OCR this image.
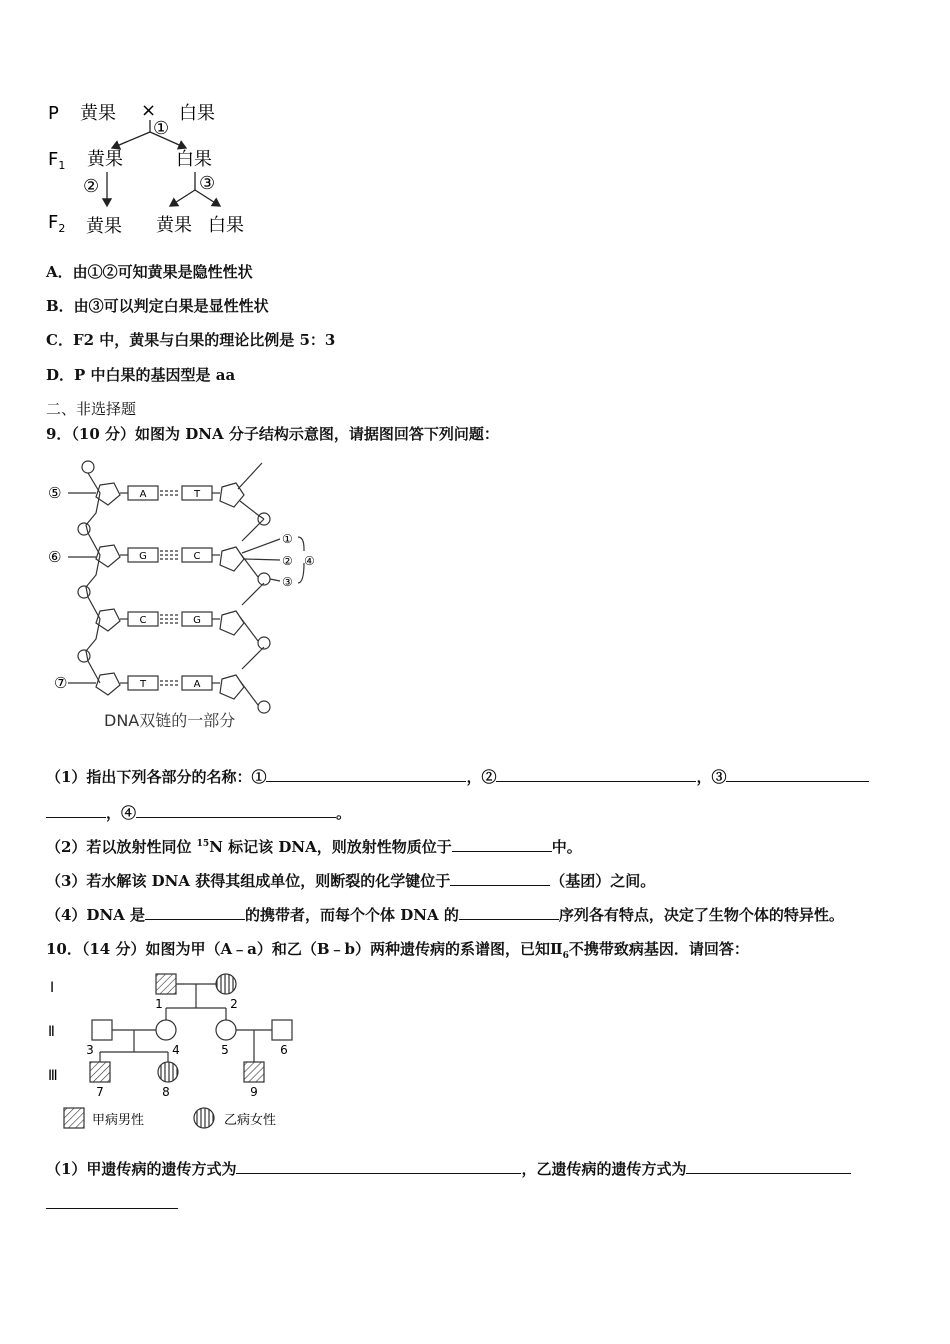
P 黄果 × 白果
①
$F_1$ 黄果	白果
②	③
$F_2$ 黄果 黄果 白果
A．由①②可知黄果是隐性性状
B．由③可以判定白果是显性性状
C．F2 中，黄果与白果的理论比例是 5：3
D．P 中白果的基因型是 aa
二、非选择题
9．（10 分）如图为 DNA 分子结构示意图，请据图回答下列问题：
A	T
G	C
C	G
T	A
⑤
⑥
⑦
①
②
③
④
DNA双链的一部分
（1）指出下列各部分的名称：①	，②	，③
，④	。
（2）若以放射性同位 $^{15}$N 标记该 DNA，则放射性物质位于	中。
（3）若水解该 DNA 获得其组成单位，则断裂的化学键位于	（基团）之间。
（4）DNA 是	的携带者，而每个个体 DNA 的	序列各有特点，决定了生物个体的特异性。
10．（14 分）如图为甲（A﹣a）和乙（B﹣b）两种遗传病的系谱图，已知$Ⅱ_6$不携带致病基因．请回答：
Ⅰ
Ⅱ
Ⅲ
1	2
3	4	5	6
7	8	9
甲病男性	乙病女性
（1）甲遗传病的遗传方式为	，乙遗传病的遗传方式为
